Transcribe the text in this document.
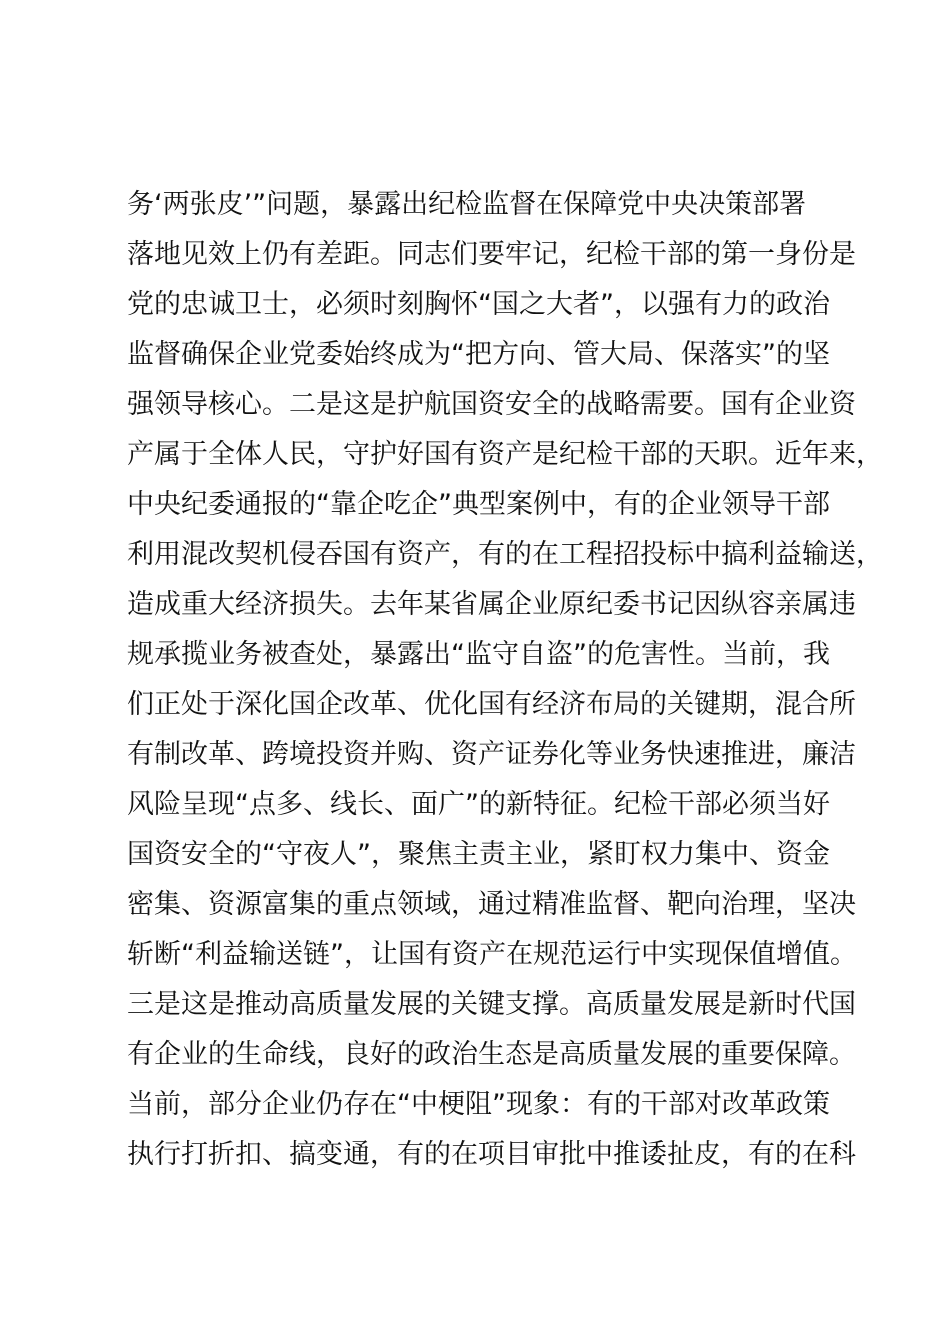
务‘两张皮’”问题，暴露出纪检监督在保障党中央决策部署
落地见效上仍有差距。同志们要牢记，纪检干部的第一身份是
党的忠诚卫士，必须时刻胸怀“国之大者”，以强有力的政治
监督确保企业党委始终成为“把方向、管大局、保落实”的坚
强领导核心。二是这是护航国资安全的战略需要。国有企业资
产属于全体人民，守护好国有资产是纪检干部的天职。近年来，
中央纪委通报的“靠企吃企”典型案例中，有的企业领导干部
利用混改契机侵吞国有资产，有的在工程招投标中搞利益输送，
造成重大经济损失。去年某省属企业原纪委书记因纵容亲属违
规承揽业务被查处，暴露出“监守自盗”的危害性。当前，我
们正处于深化国企改革、优化国有经济布局的关键期，混合所
有制改革、跨境投资并购、资产证券化等业务快速推进，廉洁
风险呈现“点多、线长、面广”的新特征。纪检干部必须当好
国资安全的“守夜人”，聚焦主责主业，紧盯权力集中、资金
密集、资源富集的重点领域，通过精准监督、靶向治理，坚决
斩断“利益输送链”，让国有资产在规范运行中实现保值增值。
三是这是推动高质量发展的关键支撑。高质量发展是新时代国
有企业的生命线，良好的政治生态是高质量发展的重要保障。
当前，部分企业仍存在“中梗阻”现象：有的干部对改革政策
执行打折扣、搞变通，有的在项目审批中推诿扯皮，有的在科
